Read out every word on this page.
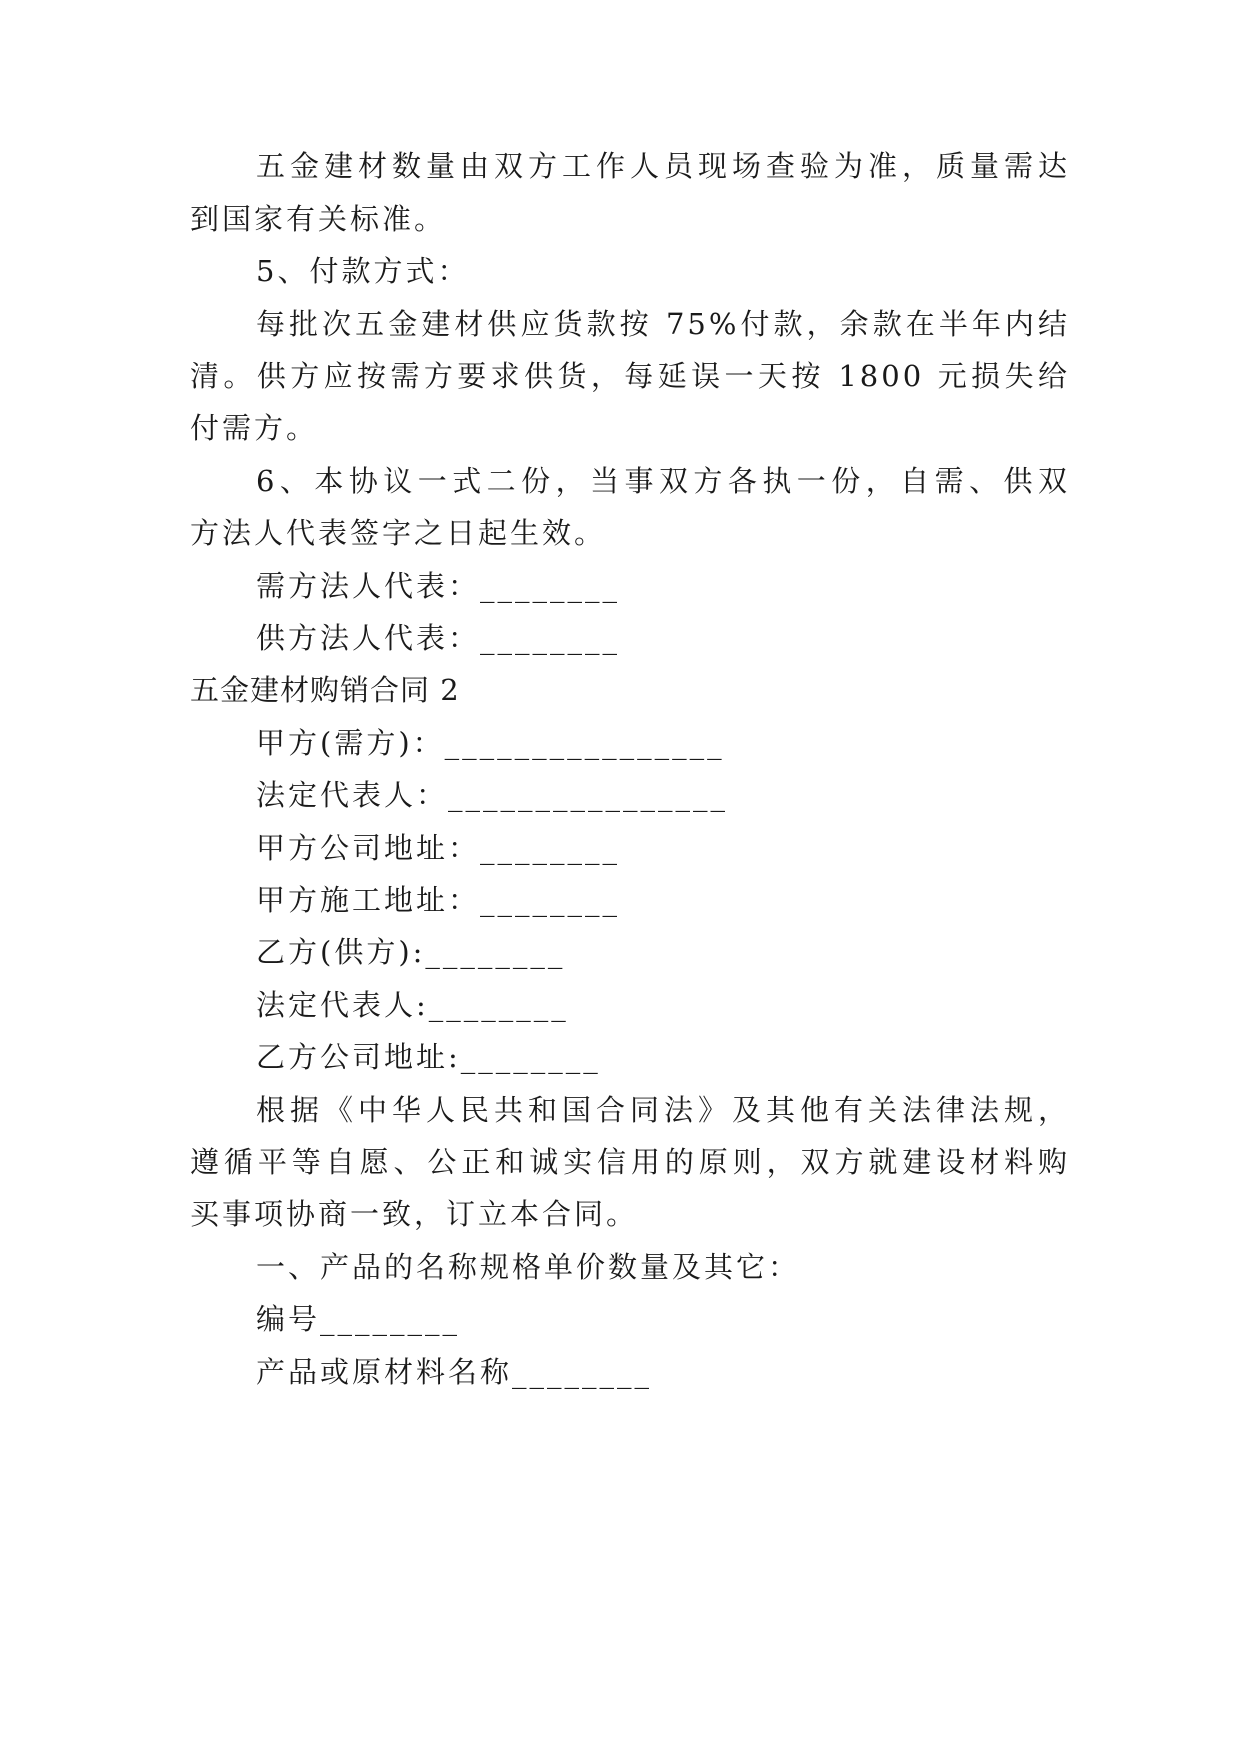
五金建材数量由双方工作人员现场查验为准，质量需达
到国家有关标准。
5、付款方式：
每批次五金建材供应货款按 75%付款，余款在半年内结
清。供方应按需方要求供货，每延误一天按 1800 元损失给
付需方。
6、本协议一式二份，当事双方各执一份，自需、供双
方法人代表签字之日起生效。
需方法人代表：________
供方法人代表：________
五金建材购销合同 2
甲方(需方)：________________
法定代表人：________________
甲方公司地址：________
甲方施工地址：________
乙方(供方):________
法定代表人:________
乙方公司地址:________
根据《中华人民共和国合同法》及其他有关法律法规，
遵循平等自愿、公正和诚实信用的原则，双方就建设材料购
买事项协商一致，订立本合同。
一、产品的名称规格单价数量及其它：
编号________
产品或原材料名称________
